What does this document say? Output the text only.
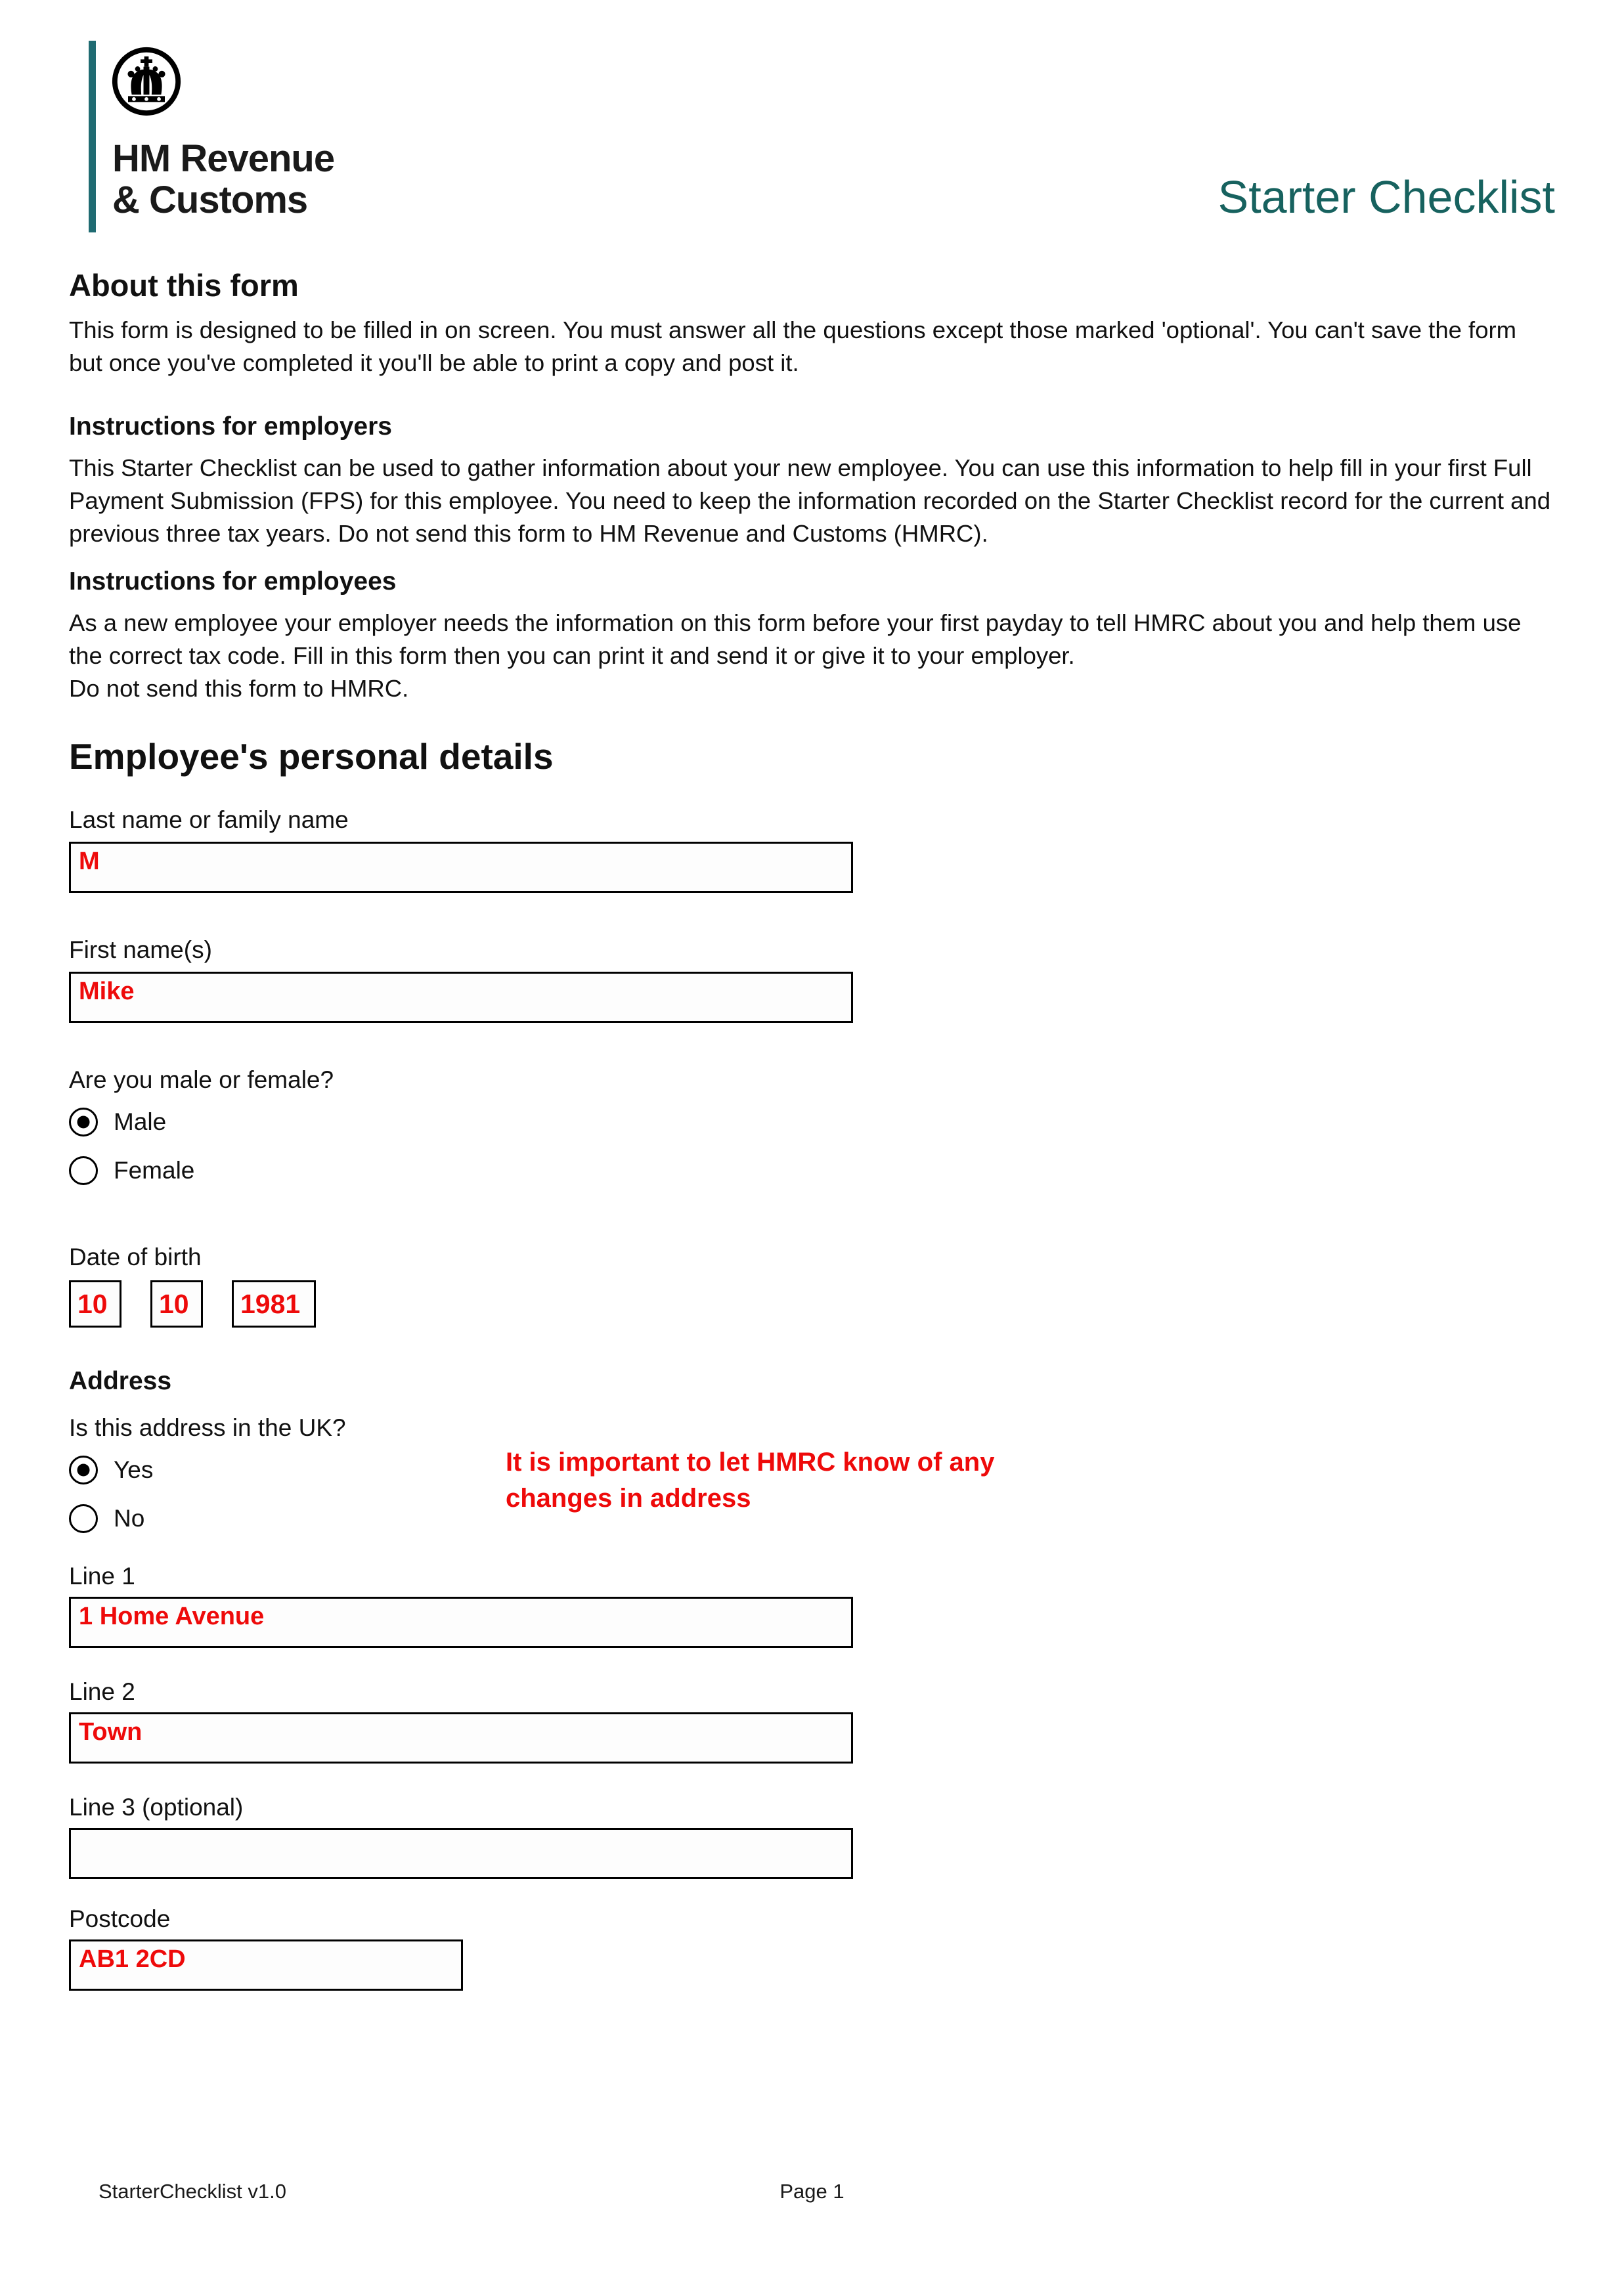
HM Revenue
& Customs	Starter Checklist
About this form

This form is designed to be filled in on screen. You must answer all the questions except those marked 'optional'. You can't save the form but once you've completed it you'll be able to print a copy and post it.

Instructions for employers

This Starter Checklist can be used to gather information about your new employee. You can use this information to help fill in your first Full Payment Submission (FPS) for this employee. You need to keep the information recorded on the Starter Checklist record for the current and previous three tax years. Do not send this form to HM Revenue and Customs (HMRC).

Instructions for employees

As a new employee your employer needs the information on this form before your first payday to tell HMRC about you and help them use the correct tax code. Fill in this form then you can print it and send it or give it to your employer.
Do not send this form to HMRC.

Employee's personal details
Last name or family name
M
First name(s)
Mike
Are you male or female?
Male
Female
Date of birth
10	10	1981
Address
Is this address in the UK?
Yes
No
It is important to let HMRC know of any changes in address
Line 1
1 Home Avenue
Line 2
Town
Line 3 (optional)
Postcode
AB1 2CD
StarterChecklist v1.0	Page 1
